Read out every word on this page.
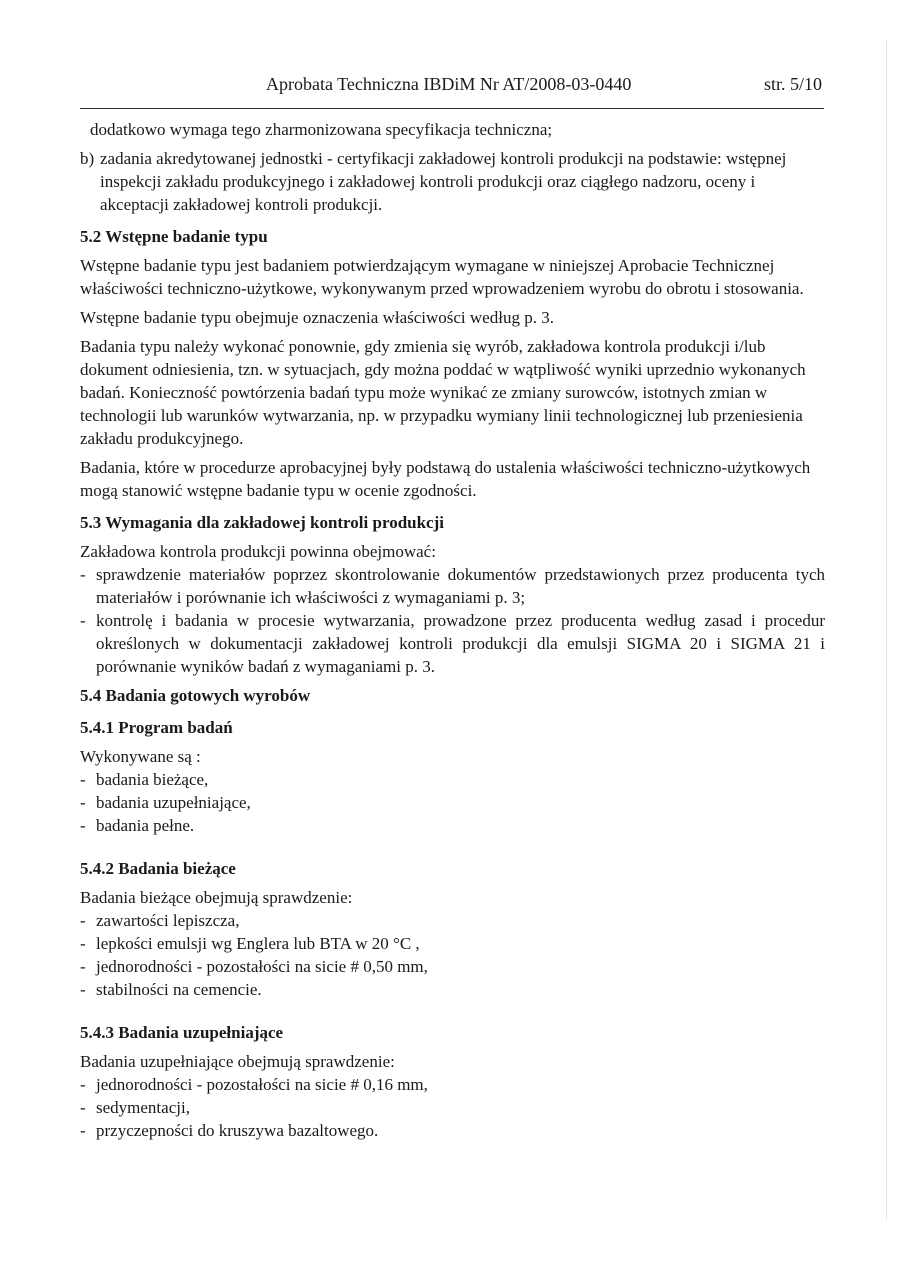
Aprobata Techniczna IBDiM Nr AT/2008-03-0440	str. 5/10

dodatkowo wymaga tego zharmonizowana specyfikacja techniczna;

b) zadania akredytowanej jednostki - certyfikacji zakładowej kontroli produkcji na podstawie: wstępnej inspekcji zakładu produkcyjnego i zakładowej kontroli produkcji oraz ciągłego nadzoru, oceny i akceptacji zakładowej kontroli produkcji.

5.2 Wstępne badanie typu

Wstępne badanie typu jest badaniem potwierdzającym wymagane w niniejszej Aprobacie Technicznej właściwości techniczno-użytkowe, wykonywanym przed wprowadzeniem wyrobu do obrotu i stosowania.

Wstępne badanie typu obejmuje oznaczenia właściwości według p. 3.

Badania typu należy wykonać ponownie, gdy zmienia się wyrób, zakładowa kontrola produkcji i/lub dokument odniesienia, tzn. w sytuacjach, gdy można poddać w wątpliwość wyniki uprzednio wykonanych badań. Konieczność powtórzenia badań typu może wynikać ze zmiany surowców, istotnych zmian w technologii lub warunków wytwarzania, np. w przypadku wymiany linii technologicznej lub przeniesienia zakładu produkcyjnego.

Badania, które w procedurze aprobacyjnej były podstawą do ustalenia właściwości techniczno-użytkowych mogą stanowić wstępne badanie typu w ocenie zgodności.

5.3 Wymagania dla zakładowej kontroli produkcji

Zakładowa kontrola produkcji powinna obejmować:

- sprawdzenie materiałów poprzez skontrolowanie dokumentów przedstawionych przez producenta tych materiałów i porównanie ich właściwości z wymaganiami p. 3;
- kontrolę i badania w procesie wytwarzania, prowadzone przez producenta według zasad i procedur określonych w dokumentacji zakładowej kontroli produkcji dla emulsji SIGMA 20 i SIGMA 21 i porównanie wyników badań z wymaganiami p. 3.

5.4 Badania gotowych wyrobów

5.4.1 Program badań

Wykonywane są :

- badania bieżące,
- badania uzupełniające,
- badania pełne.

5.4.2 Badania bieżące

Badania bieżące obejmują sprawdzenie:

- zawartości lepiszcza,
- lepkości emulsji wg Englera lub BTA w 20 °C ,
- jednorodności - pozostałości na sicie # 0,50 mm,
- stabilności na cemencie.

5.4.3 Badania uzupełniające

Badania uzupełniające obejmują sprawdzenie:

- jednorodności - pozostałości na sicie # 0,16 mm,
- sedymentacji,
- przyczepności do kruszywa bazaltowego.
